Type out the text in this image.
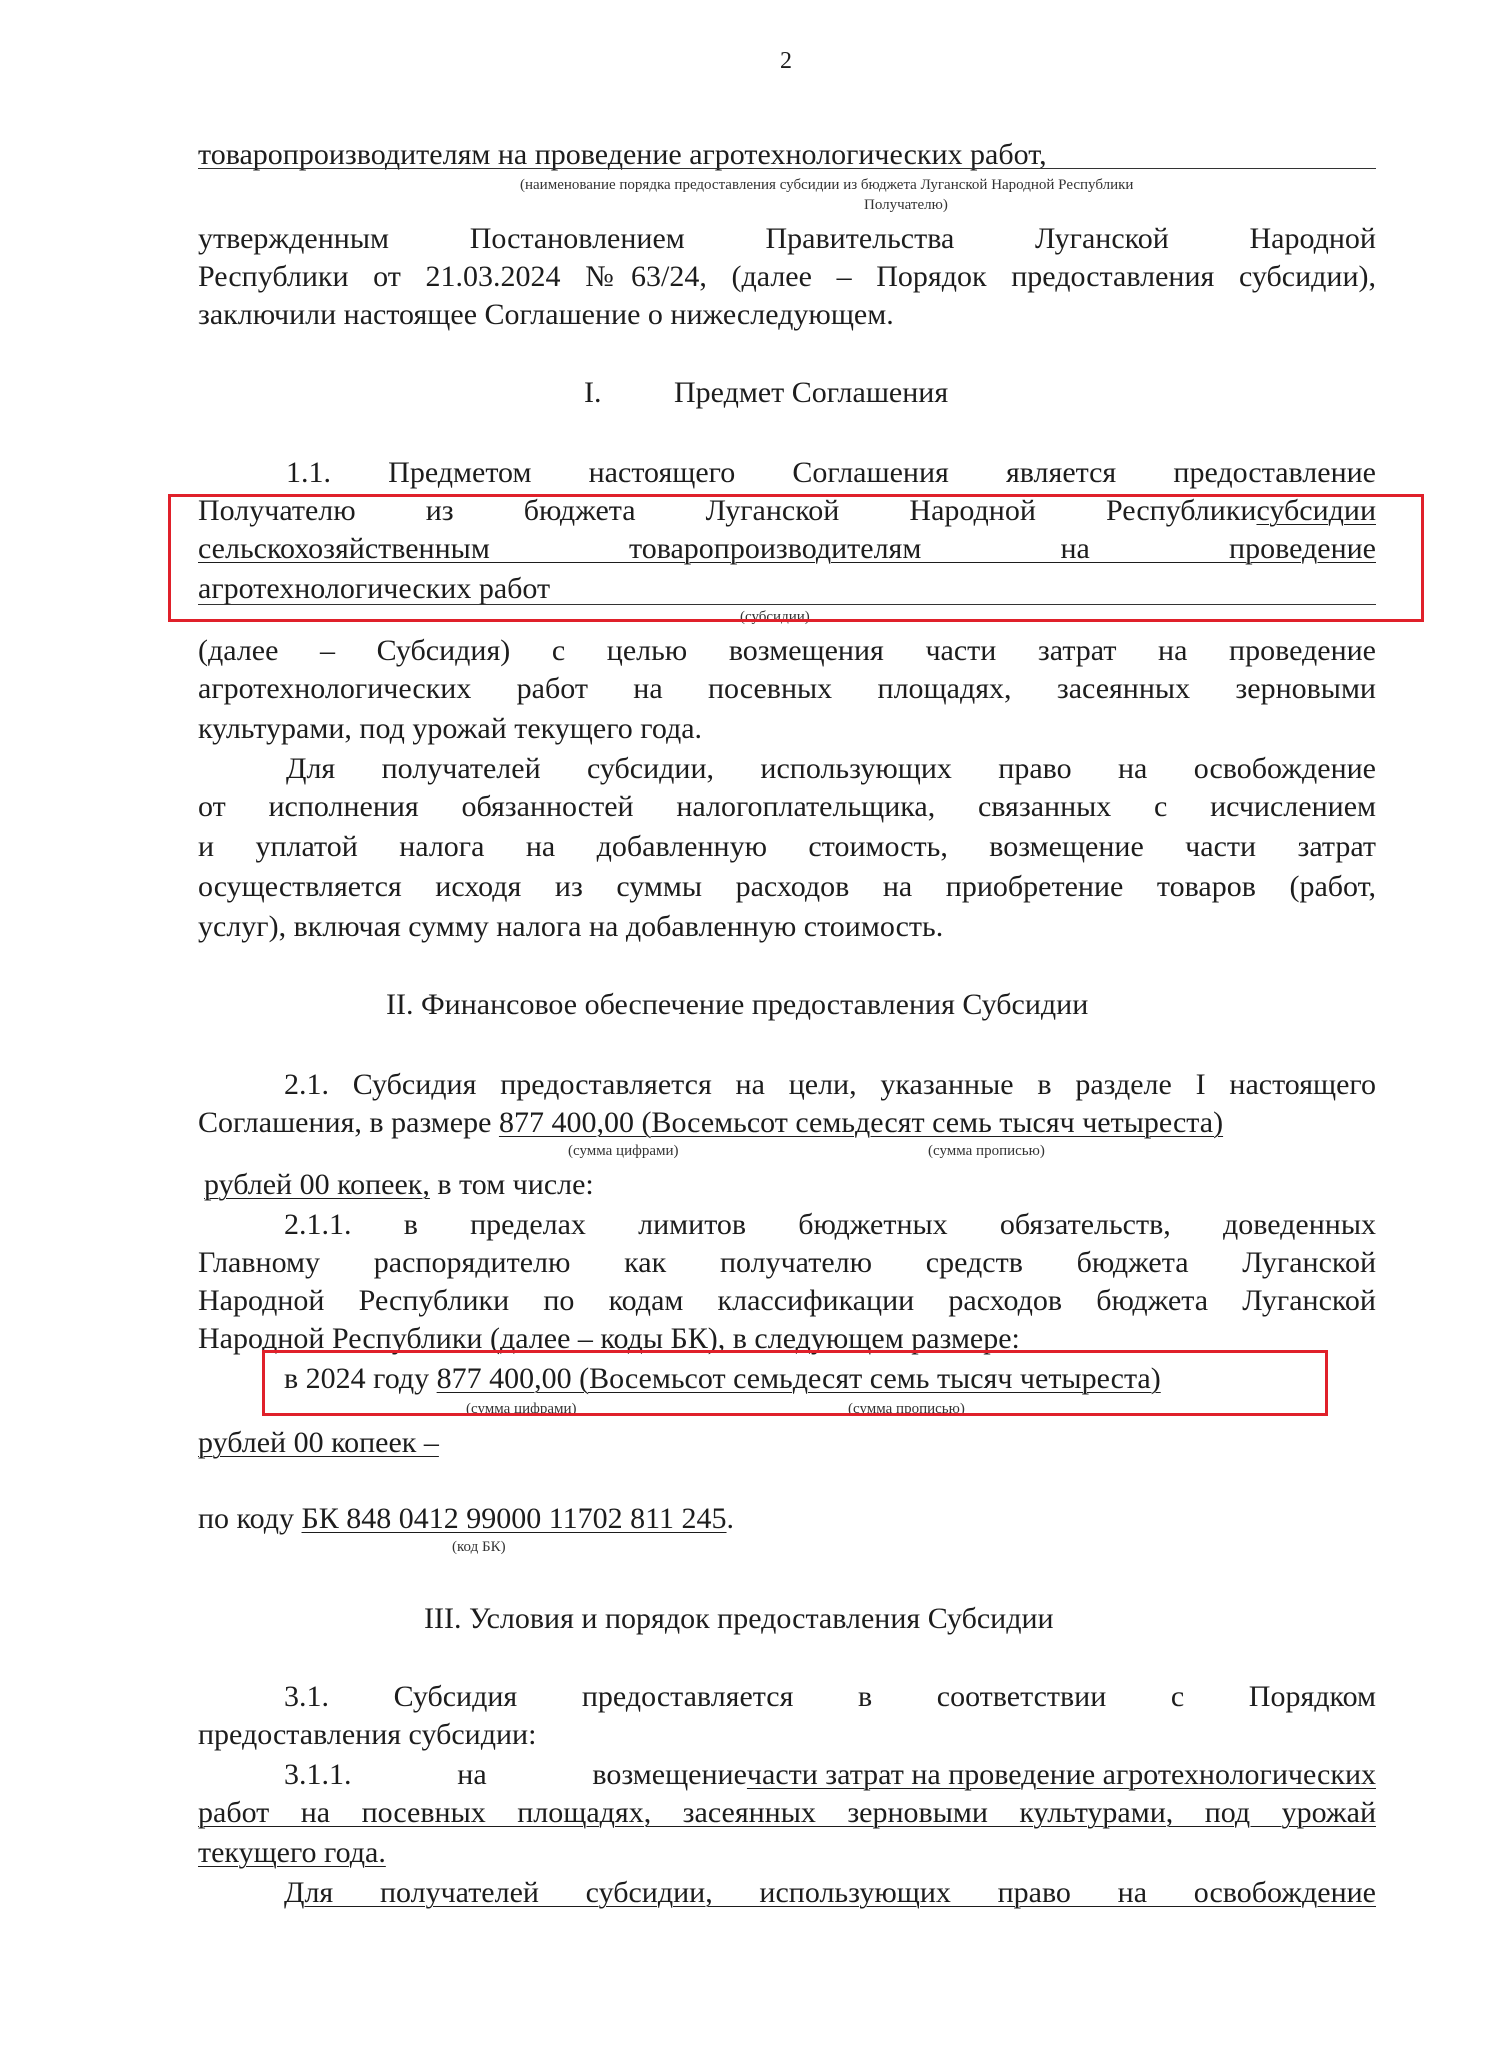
2
товаропроизводителям на проведение агротехнологических работ,
(наименование порядка предоставления субсидии из бюджета Луганской Народной Республики
Получателю)
утвержденным Постановлением Правительства Луганской Народной
Республики от 21.03.2024 №63/24, (далее – Порядок предоставления субсидии),
заключили настоящее Соглашение о нижеследующем.
I. Предмет Соглашения
1.1. Предметом настоящего Соглашения является предоставление
Получателю из бюджета Луганской Народной Республики субсидии
сельскохозяйственным товаропроизводителям на проведение
агротехнологических работ
(субсидии)
(далее – Субсидия) с целью возмещения части затрат на проведение
агротехнологических работ на посевных площадях, засеянных зерновыми
культурами, под урожай текущего года.
Для получателей субсидии, использующих право на освобождение
от исполнения обязанностей налогоплательщика, связанных с исчислением
и уплатой налога на добавленную стоимость, возмещение части затрат
осуществляется исходя из суммы расходов на приобретение товаров (работ,
услуг), включая сумму налога на добавленную стоимость.
II. Финансовое обеспечение предоставления Субсидии
2.1. Субсидия предоставляется на цели, указанные в разделе I настоящего
Соглашения, в размере 877 400,00 (Восемьсот семьдесят семь тысяч четыреста)
(сумма цифрами)	(сумма прописью)
рублей 00 копеек, в том числе:
2.1.1. в пределах лимитов бюджетных обязательств, доведенных
Главному распорядителю как получателю средств бюджета Луганской
Народной Республики по кодам классификации расходов бюджета Луганской
Народной Республики (далее – коды БК), в следующем размере:
в 2024 году 877 400,00 (Восемьсот семьдесят семь тысяч четыреста)
(сумма цифрами)	(сумма прописью)
рублей 00 копеек –
по коду БК 848 0412 99000 11702 811 245.
(код БК)
III. Условия и порядок предоставления Субсидии
3.1. Субсидия предоставляется в соответствии с Порядком
предоставления субсидии:
3.1.1. на возмещение части затрат на проведение агротехнологических
работ на посевных площадях, засеянных зерновыми культурами, под урожай
текущего года.
Для получателей субсидии, использующих право на освобождение
